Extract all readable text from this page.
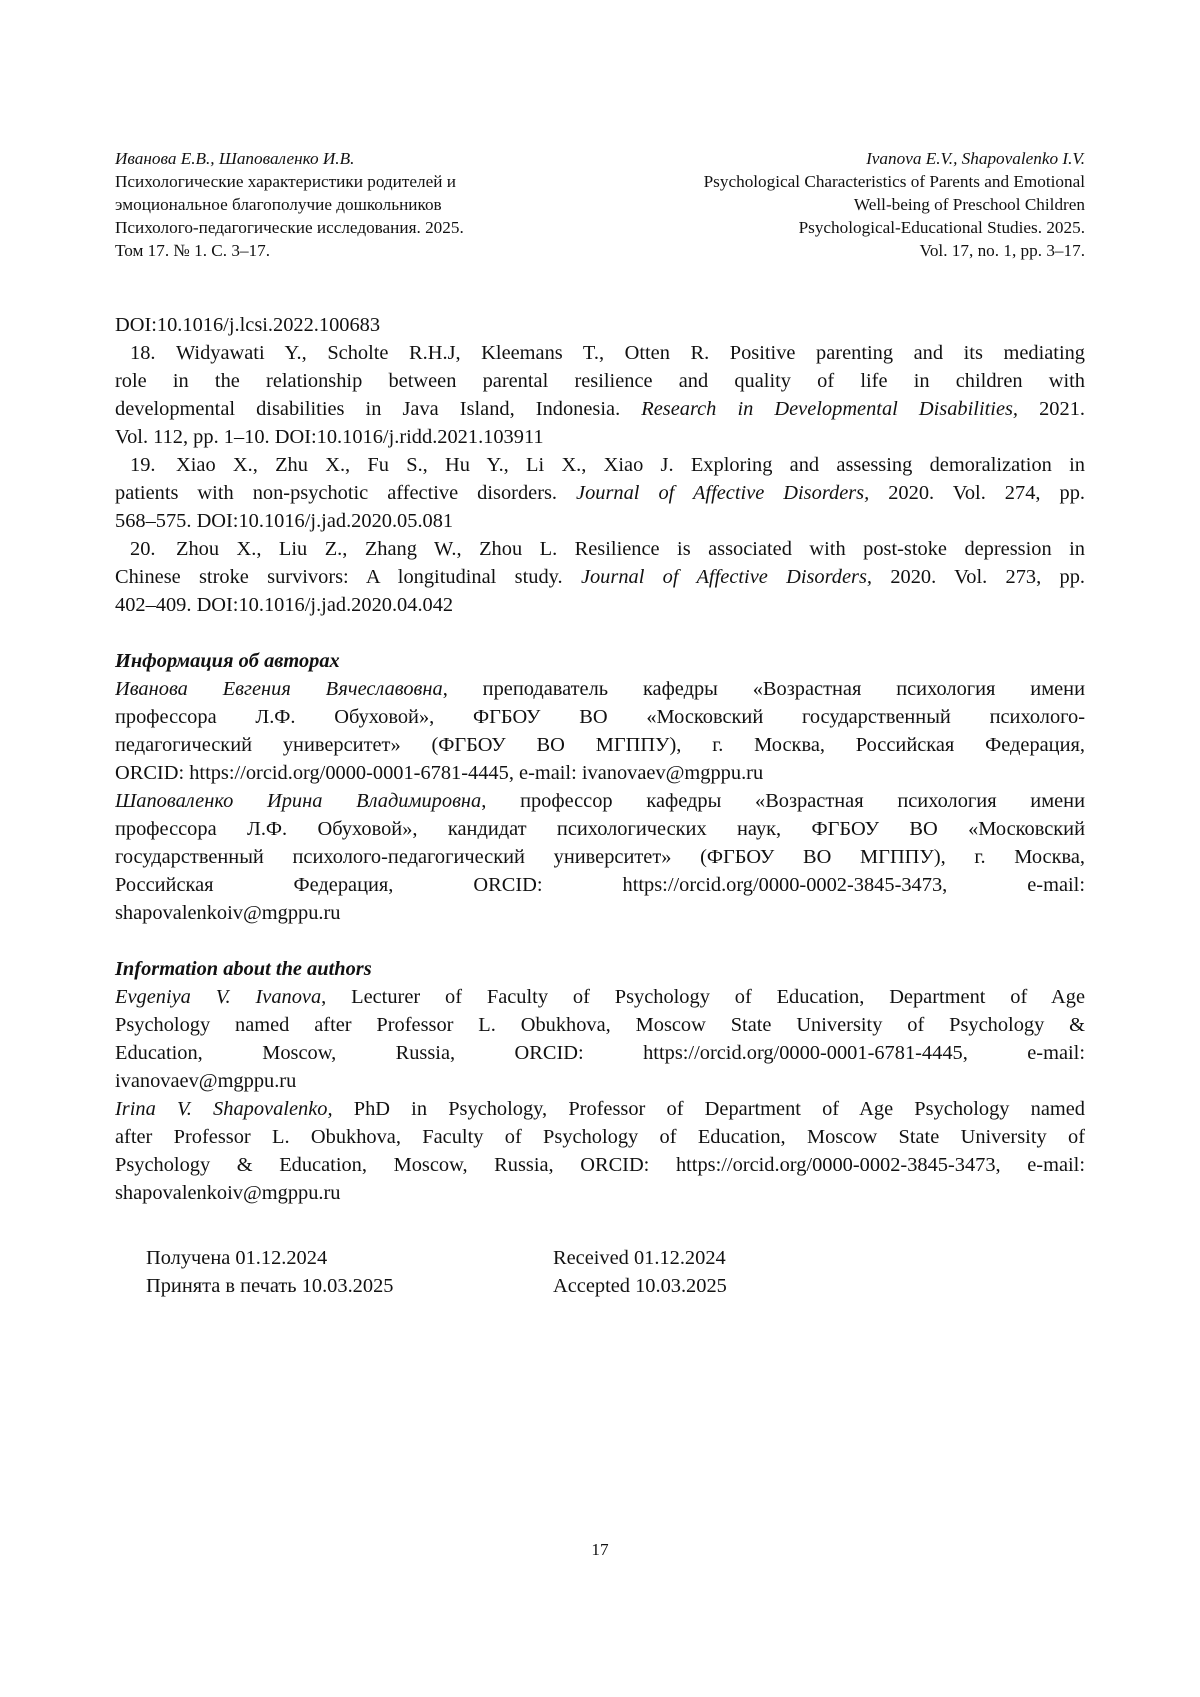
Иванова Е.В., Шаповаленко И.В.
Психологические характеристики родителей и
эмоциональное благополучие дошкольников
Психолого-педагогические исследования. 2025.
Том 17. № 1. С. 3–17.
Ivanova E.V., Shapovalenko I.V.
Psychological Characteristics of Parents and Emotional
Well-being of Preschool Children
Psychological-Educational Studies. 2025.
Vol. 17, no. 1, pp. 3–17.
DOI:10.1016/j.lcsi.2022.100683
18. Widyawati Y., Scholte R.H.J, Kleemans T., Otten R. Positive parenting and its mediating
role in the relationship between parental resilience and quality of life in children with
developmental disabilities in Java Island, Indonesia. Research in Developmental Disabilities, 2021.
Vol. 112, pp. 1–10. DOI:10.1016/j.ridd.2021.103911
19. Xiao X., Zhu X., Fu S., Hu Y., Li X., Xiao J. Exploring and assessing demoralization in
patients with non-psychotic affective disorders. Journal of Affective Disorders, 2020. Vol. 274, pp.
568–575. DOI:10.1016/j.jad.2020.05.081
20. Zhou X., Liu Z., Zhang W., Zhou L. Resilience is associated with post-stoke depression in
Chinese stroke survivors: A longitudinal study. Journal of Affective Disorders, 2020. Vol. 273, pp.
402–409. DOI:10.1016/j.jad.2020.04.042

Информация об авторах

Иванова Евгения Вячеславовна, преподаватель кафедры «Возрастная психология имени
профессора Л.Ф. Обуховой», ФГБОУ ВО «Московский государственный психолого-
педагогический университет» (ФГБОУ ВО МГППУ), г. Москва, Российская Федерация,
ORCID: https://orcid.org/0000-0001-6781-4445, e-mail: ivanovaev@mgppu.ru
Шаповаленко Ирина Владимировна, профессор кафедры «Возрастная психология имени
профессора Л.Ф. Обуховой», кандидат психологических наук, ФГБОУ ВО «Московский
государственный психолого-педагогический университет» (ФГБОУ ВО МГППУ), г. Москва,
Российская Федерация, ORCID: https://orcid.org/0000-0002-3845-3473, e-mail:
shapovalenkoiv@mgppu.ru

Information about the authors

Evgeniya V. Ivanova, Lecturer of Faculty of Psychology of Education, Department of Age
Psychology named after Professor L. Obukhova, Moscow State University of Psychology &
Education, Moscow, Russia, ORCID: https://orcid.org/0000-0001-6781-4445, e-mail:
ivanovaev@mgppu.ru
Irina V. Shapovalenko, PhD in Psychology, Professor of Department of Age Psychology named
after Professor L. Obukhova, Faculty of Psychology of Education, Moscow State University of
Psychology & Education, Moscow, Russia, ORCID: https://orcid.org/0000-0002-3845-3473, e-mail:
shapovalenkoiv@mgppu.ru
Получена 01.12.2024
Принята в печать 10.03.2025
Received 01.12.2024
Accepted 10.03.2025
17
